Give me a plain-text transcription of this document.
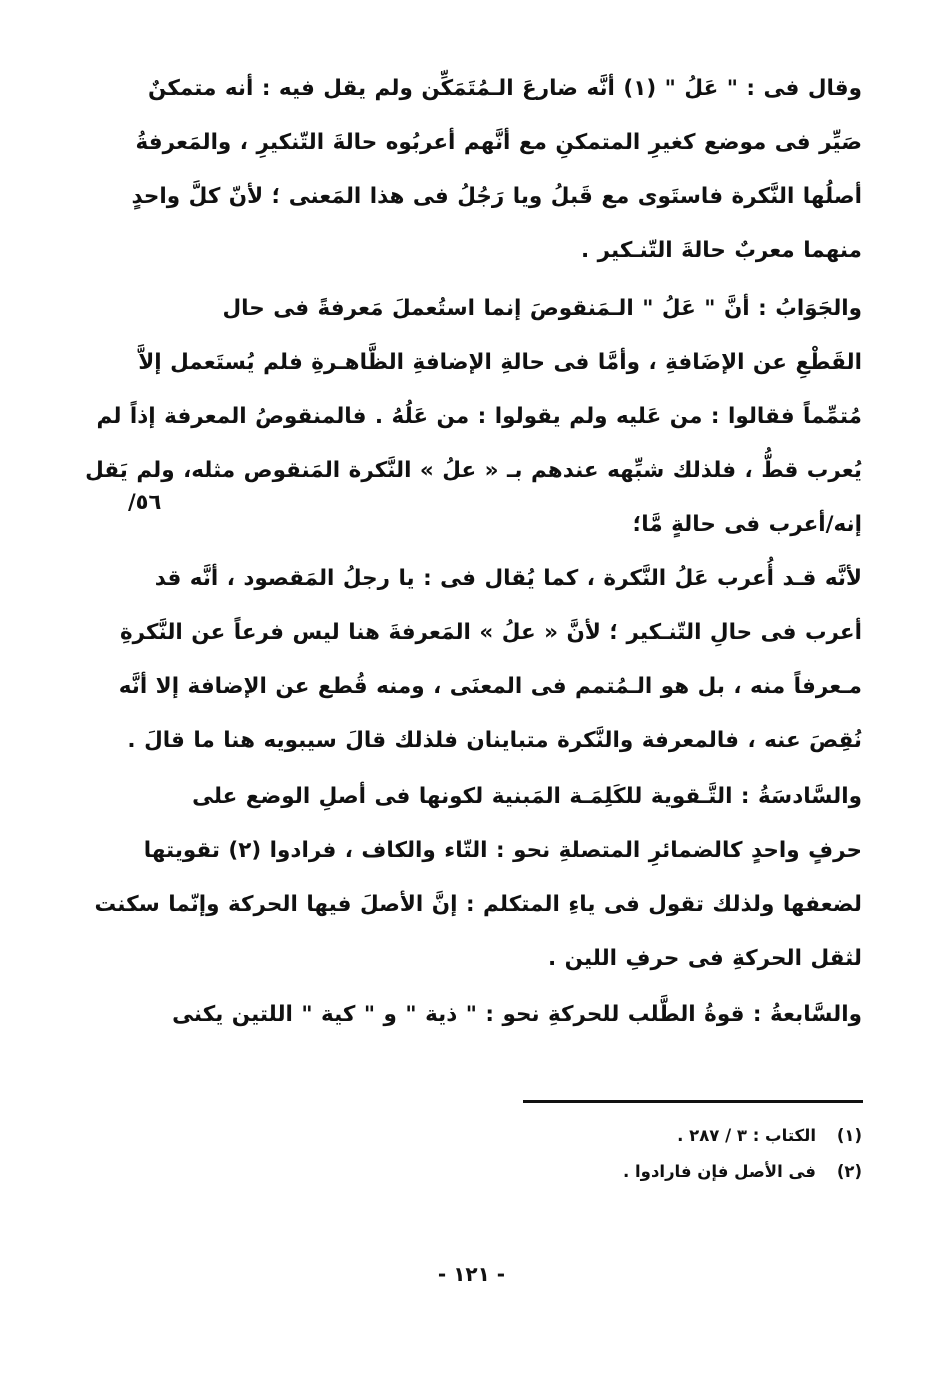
وقال فى : " عَلُ " (١) أنَّه ضارعَ الـمُتَمَكِّن ولم يقل فيه : أنه متمكنٌ
صَيِّر فى موضع كغيرِ المتمكنِ مع أنَّهم أعربُوه حالةَ التّنكيرِ ، والمَعرفةُ
أصلُها النَّكرة فاستَوى مع قَبلُ ويا رَجُلُ فى هذا المَعنى ؛ لأنّ كلَّ واحدٍ
منهما معربٌ حالةَ التّنـكير .
والجَوَابُ : أنَّ " عَلُ " الـمَنقوصَ إنما استُعملَ مَعرفةً فى حال
القَطْعِ عن الإضَافةِ ، وأمَّا فى حالةِ الإضافةِ الظَّاهـرةِ فلم يُستَعمل إلاَّ
مُتمِّماً فقالوا : من عَليه ولم يقولوا : من عَلُهُ . فالمنقوصُ المعرفة إذاً لم
يُعرب قطُّ ، فلذلك شبِّهه عندهم بـ « علُ » النَّكرة المَنقوص مثله، ولم يَقل
إنه/أعرب فى حالةٍ مَّا؛
٥٦/
لأنَّه قـد أُعرب عَلُ النَّكرة ، كما يُقال فى : يا رجلُ المَقصود ، أنَّه قد
أعرب فى حالِ التّنـكير ؛ لأنَّ « علُ » المَعرفةَ هنا ليس فرعاً عن النَّكرةِ
مـعرفاً منه ، بل هو الـمُتمم فى المعنَى ، ومنه قُطع عن الإضافة إلا أنَّه
نُقِصَ عنه ، فالمعرفة والنَّكرة متباينان فلذلك قالَ سيبويه هنا ما قالَ .
والسَّادسَةُ : التَّـقوية للكَلِمَـة المَبنية لكونها فى أصلِ الوضع على
حرفٍ واحدٍ كالضمائرِ المتصلةِ نحو : التّاء والكاف ، فرادوا (٢) تقويتها
لضعفها ولذلك تقول فى ياءِ المتكلم : إنَّ الأصلَ فيها الحركة وإنّما سكنت
لثقل الحركةِ فى حرفِ اللين .
والسَّابعةُ : قوةُ الطَّلب للحركةِ نحو : " ذية " و " كية " اللتين يكنى
(١)
الكتاب : ٣ / ٢٨٧ .
(٢)
فى الأصل فإن فارادوا .
- ١٢١ -
